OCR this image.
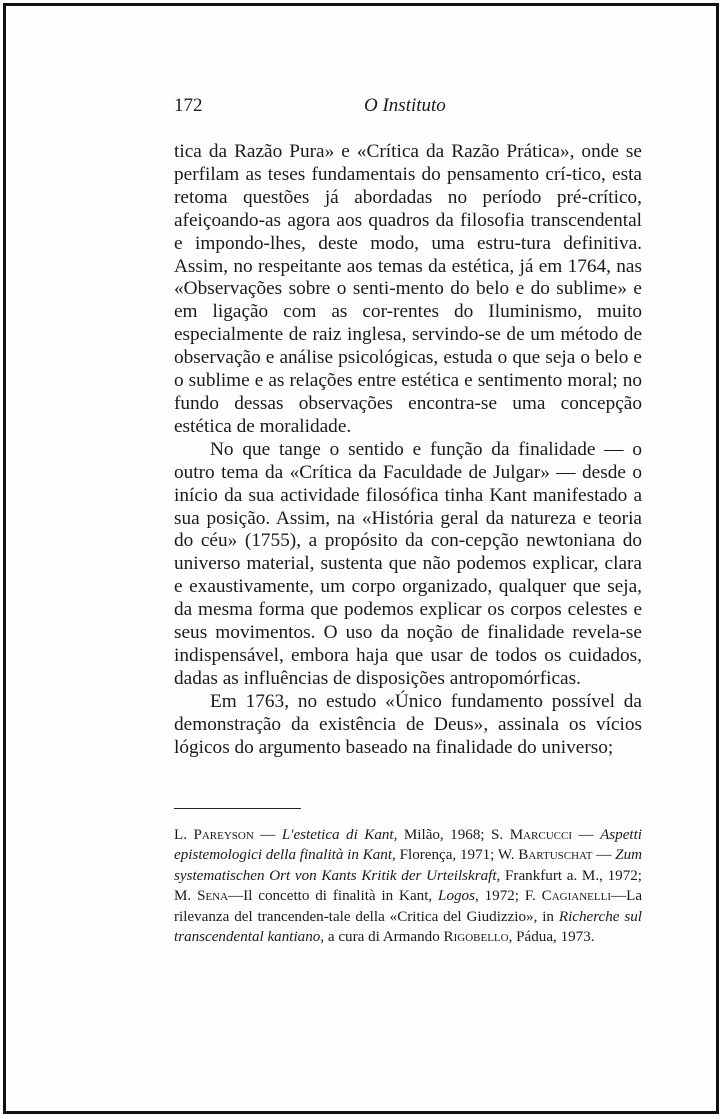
172	O Instituto

tica da Razão Pura» e «Crítica da Razão Prática», onde se perfilam as teses fundamentais do pensamento crí-tico, esta retoma questões já abordadas no período pré-crítico, afeiçoando-as agora aos quadros da filosofia transcendental e impondo-lhes, deste modo, uma estru-tura definitiva. Assim, no respeitante aos temas da estética, já em 1764, nas «Observações sobre o senti-mento do belo e do sublime» e em ligação com as cor-rentes do Iluminismo, muito especialmente de raiz inglesa, servindo-se de um método de observação e análise psicológicas, estuda o que seja o belo e o sublime e as relações entre estética e sentimento moral; no fundo dessas observações encontra-se uma concepção estética de moralidade.

No que tange o sentido e função da finalidade — o outro tema da «Crítica da Faculdade de Julgar» — desde o início da sua actividade filosófica tinha Kant manifestado a sua posição. Assim, na «História geral da natureza e teoria do céu» (1755), a propósito da con-cepção newtoniana do universo material, sustenta que não podemos explicar, clara e exaustivamente, um corpo organizado, qualquer que seja, da mesma forma que podemos explicar os corpos celestes e seus movimentos. O uso da noção de finalidade revela-se indispensável, embora haja que usar de todos os cuidados, dadas as influências de disposições antropomórficas.

Em 1763, no estudo «Único fundamento possível da demonstração da existência de Deus», assinala os vícios lógicos do argumento baseado na finalidade do universo;

L. Pareyson — L'estetica di Kant, Milão, 1968; S. Marcucci — Aspetti epistemologici della finalità in Kant, Florença, 1971; W. Bartuschat — Zum systematischen Ort von Kants Kritik der Urteilskraft, Frankfurt a. M., 1972; M. Sena—Il concetto di finalità in Kant, Logos, 1972; F. Cagianelli—La rilevanza del trancenden-tale della «Critica del Giudizzio», in Richerche sul transcendental kantiano, a cura di Armando Rigobello, Pádua, 1973.
